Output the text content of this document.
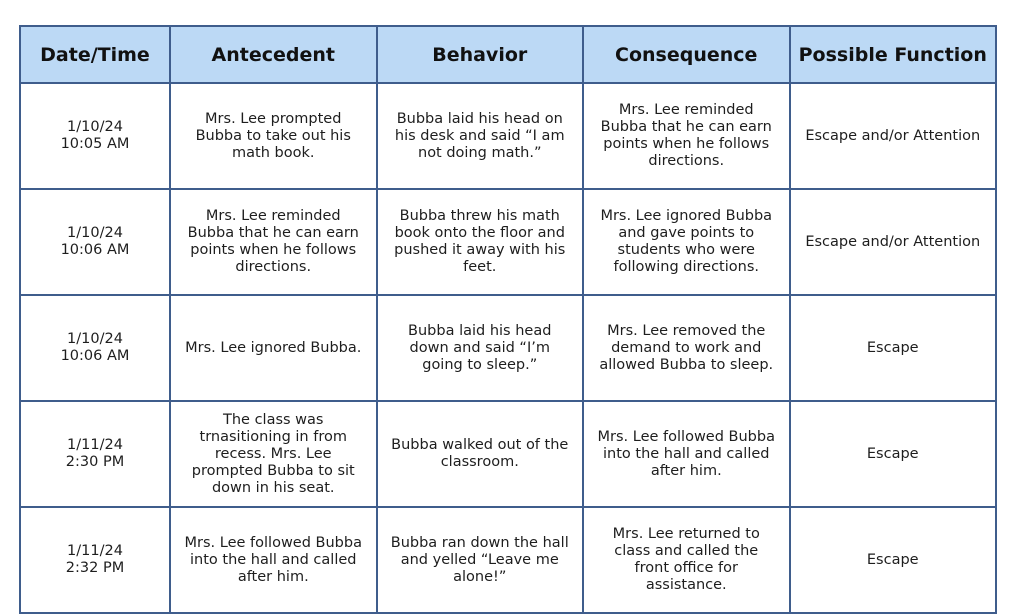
Date/Time	Antecedent	Behavior	Consequence	Possible Function

1/10/24
10:05 AM	Mrs. Lee prompted Bubba to take out his math book.	Bubba laid his head on his desk and said “I am not doing math.”	Mrs. Lee reminded Bubba that he can earn points when he follows directions.	Escape and/or Attention

1/10/24
10:06 AM	Mrs. Lee reminded Bubba that he can earn points when he follows directions.	Bubba threw his math book onto the floor and pushed it away with his feet.	Mrs. Lee ignored Bubba and gave points to students who were following directions.	Escape and/or Attention

1/10/24
10:06 AM	Mrs. Lee ignored Bubba.	Bubba laid his head down and said “I’m going to sleep.”	Mrs. Lee removed the demand to work and allowed Bubba to sleep.	Escape

1/11/24
2:30 PM	The class was trnasitioning in from recess. Mrs. Lee prompted Bubba to sit down in his seat.	Bubba walked out of the classroom.	Mrs. Lee followed Bubba into the hall and called after him.	Escape

1/11/24
2:32 PM	Mrs. Lee followed Bubba into the hall and called after him.	Bubba ran down the hall and yelled “Leave me alone!”	Mrs. Lee returned to class and called the front office for assistance.	Escape
